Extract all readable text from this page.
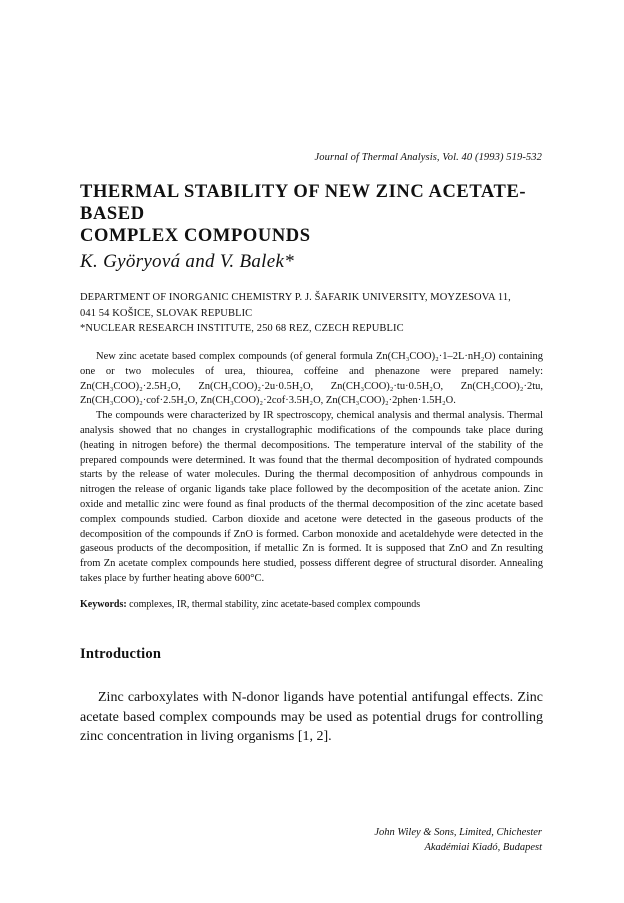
Journal of Thermal Analysis, Vol. 40 (1993) 519-532
THERMAL STABILITY OF NEW ZINC ACETATE-BASED
COMPLEX COMPOUNDS
K. Györyová and V. Balek*
DEPARTMENT OF INORGANIC CHEMISTRY P. J. ŠAFARIK UNIVERSITY, MOYZESOVA 11,
041 54 KOŠICE, SLOVAK REPUBLIC
*NUCLEAR RESEARCH INSTITUTE, 250 68 REZ, CZECH REPUBLIC

New zinc acetate based complex compounds (of general formula Zn(CH₃COO)₂·1–2L·nH₂O) containing one or two molecules of urea, thiourea, coffeine and phenazone were prepared namely: Zn(CH₃COO)₂·2.5H₂O, Zn(CH₃COO)₂·2u·0.5H₂O, Zn(CH₃COO)₂·tu·0.5H₂O, Zn(CH₃COO)₂·2tu, Zn(CH₃COO)₂·cof·2.5H₂O, Zn(CH₃COO)₂·2cof·3.5H₂O, Zn(CH₃COO)₂·2phen·1.5H₂O.

The compounds were characterized by IR spectroscopy, chemical analysis and thermal analysis. Thermal analysis showed that no changes in crystallographic modifications of the compounds take place during (heating in nitrogen before) the thermal decompositions. The temperature interval of the stability of the prepared compounds were determined. It was found that the thermal decomposition of hydrated compounds starts by the release of water molecules. During the thermal decomposition of anhydrous compounds in nitrogen the release of organic ligands take place followed by the decomposition of the acetate anion. Zinc oxide and metallic zinc were found as final products of the thermal decomposition of the zinc acetate based complex compounds studied. Carbon dioxide and acetone were detected in the gaseous products of the decomposition of the compounds if ZnO is formed. Carbon monoxide and acetaldehyde were detected in the gaseous products of the decomposition, if metallic Zn is formed. It is supposed that ZnO and Zn resulting from Zn acetate complex compounds here studied, possess different degree of structural disorder. Annealing takes place by further heating above 600°C.

Keywords: complexes, IR, thermal stability, zinc acetate-based complex compounds
Introduction

Zinc carboxylates with N-donor ligands have potential antifungal effects. Zinc acetate based complex compounds may be used as potential drugs for controlling zinc concentration in living organisms [1, 2].

John Wiley & Sons, Limited, Chichester
Akadémiai Kiadó, Budapest
